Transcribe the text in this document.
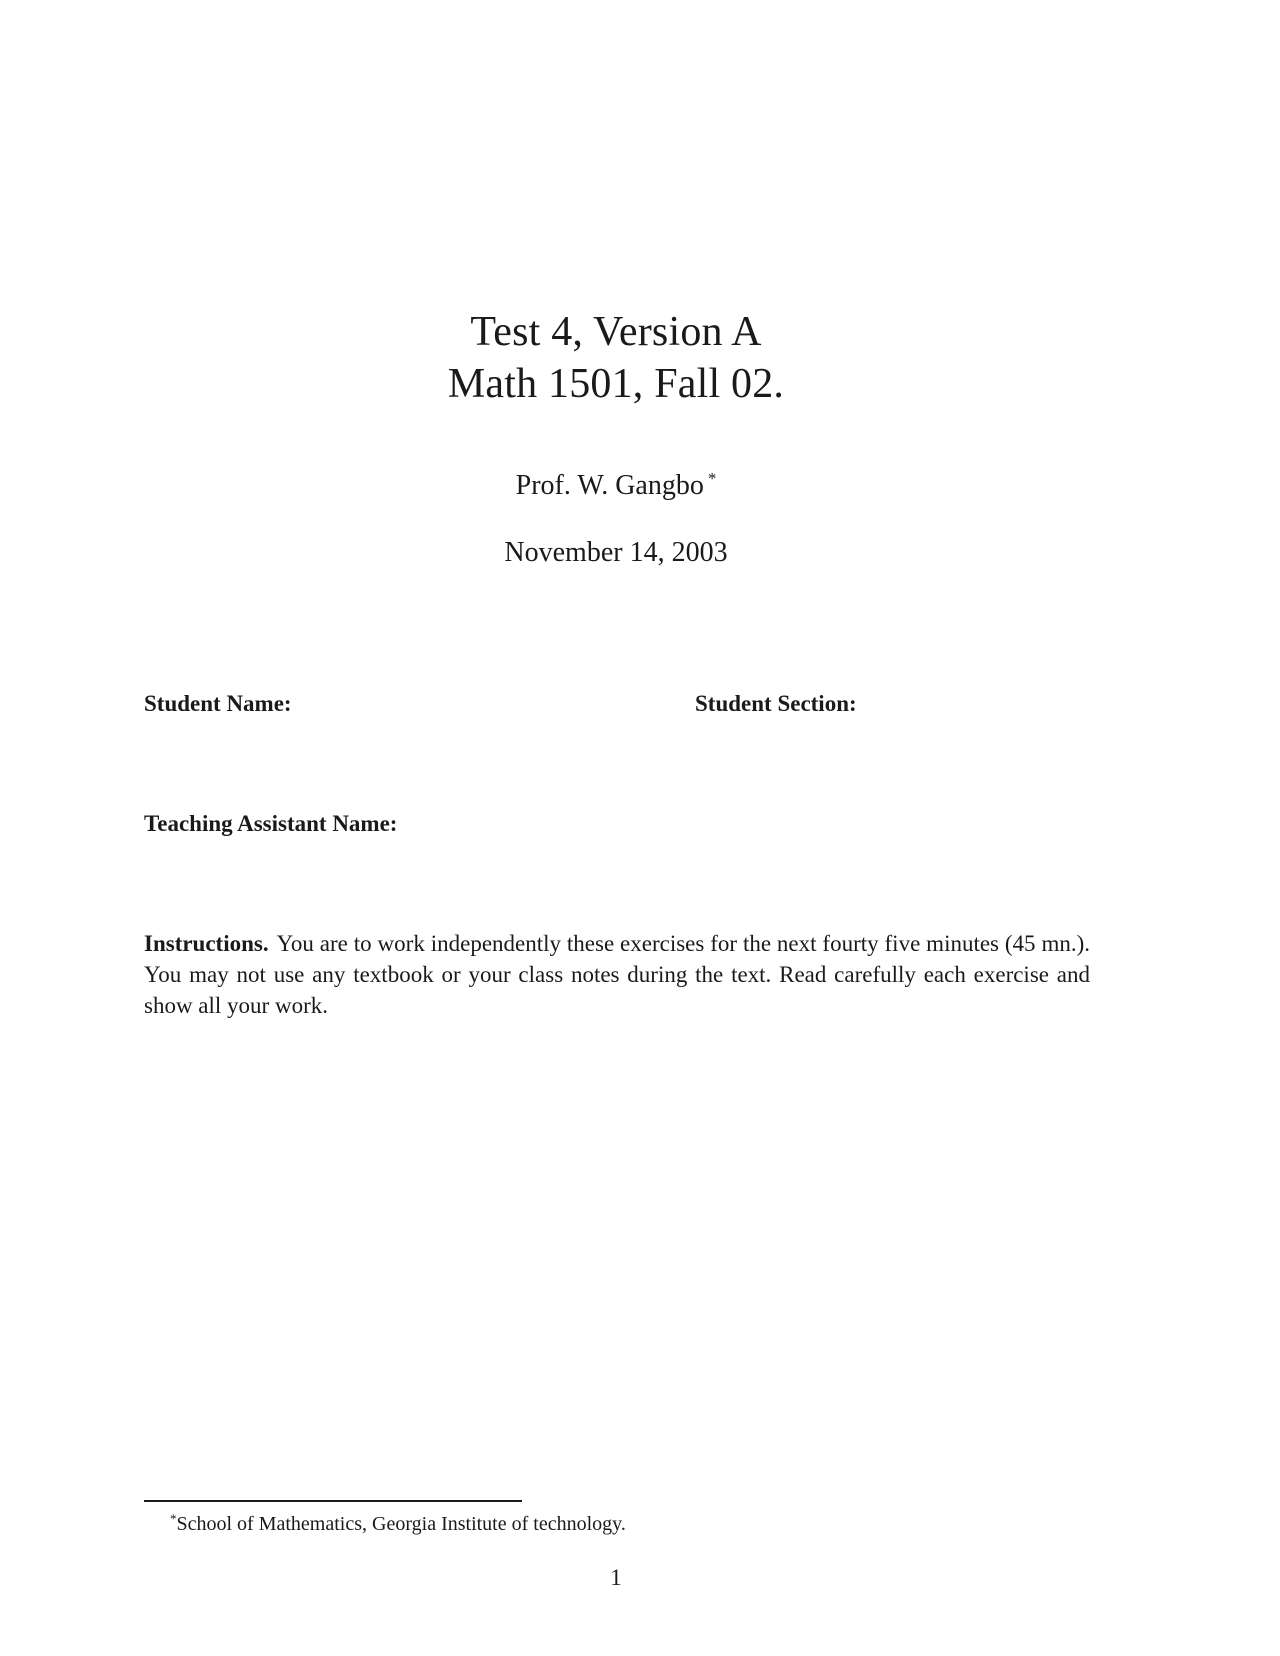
Test 4, Version A
Math 1501, Fall 02.
Prof. W. Gangbo *
November 14, 2003
Student Name:	Student Section:
Teaching Assistant Name:
Instructions. You are to work independently these exercises for the next fourty five minutes (45 mn.). You may not use any textbook or your class notes during the text. Read carefully each exercise and show all your work.
*School of Mathematics, Georgia Institute of technology.
1
